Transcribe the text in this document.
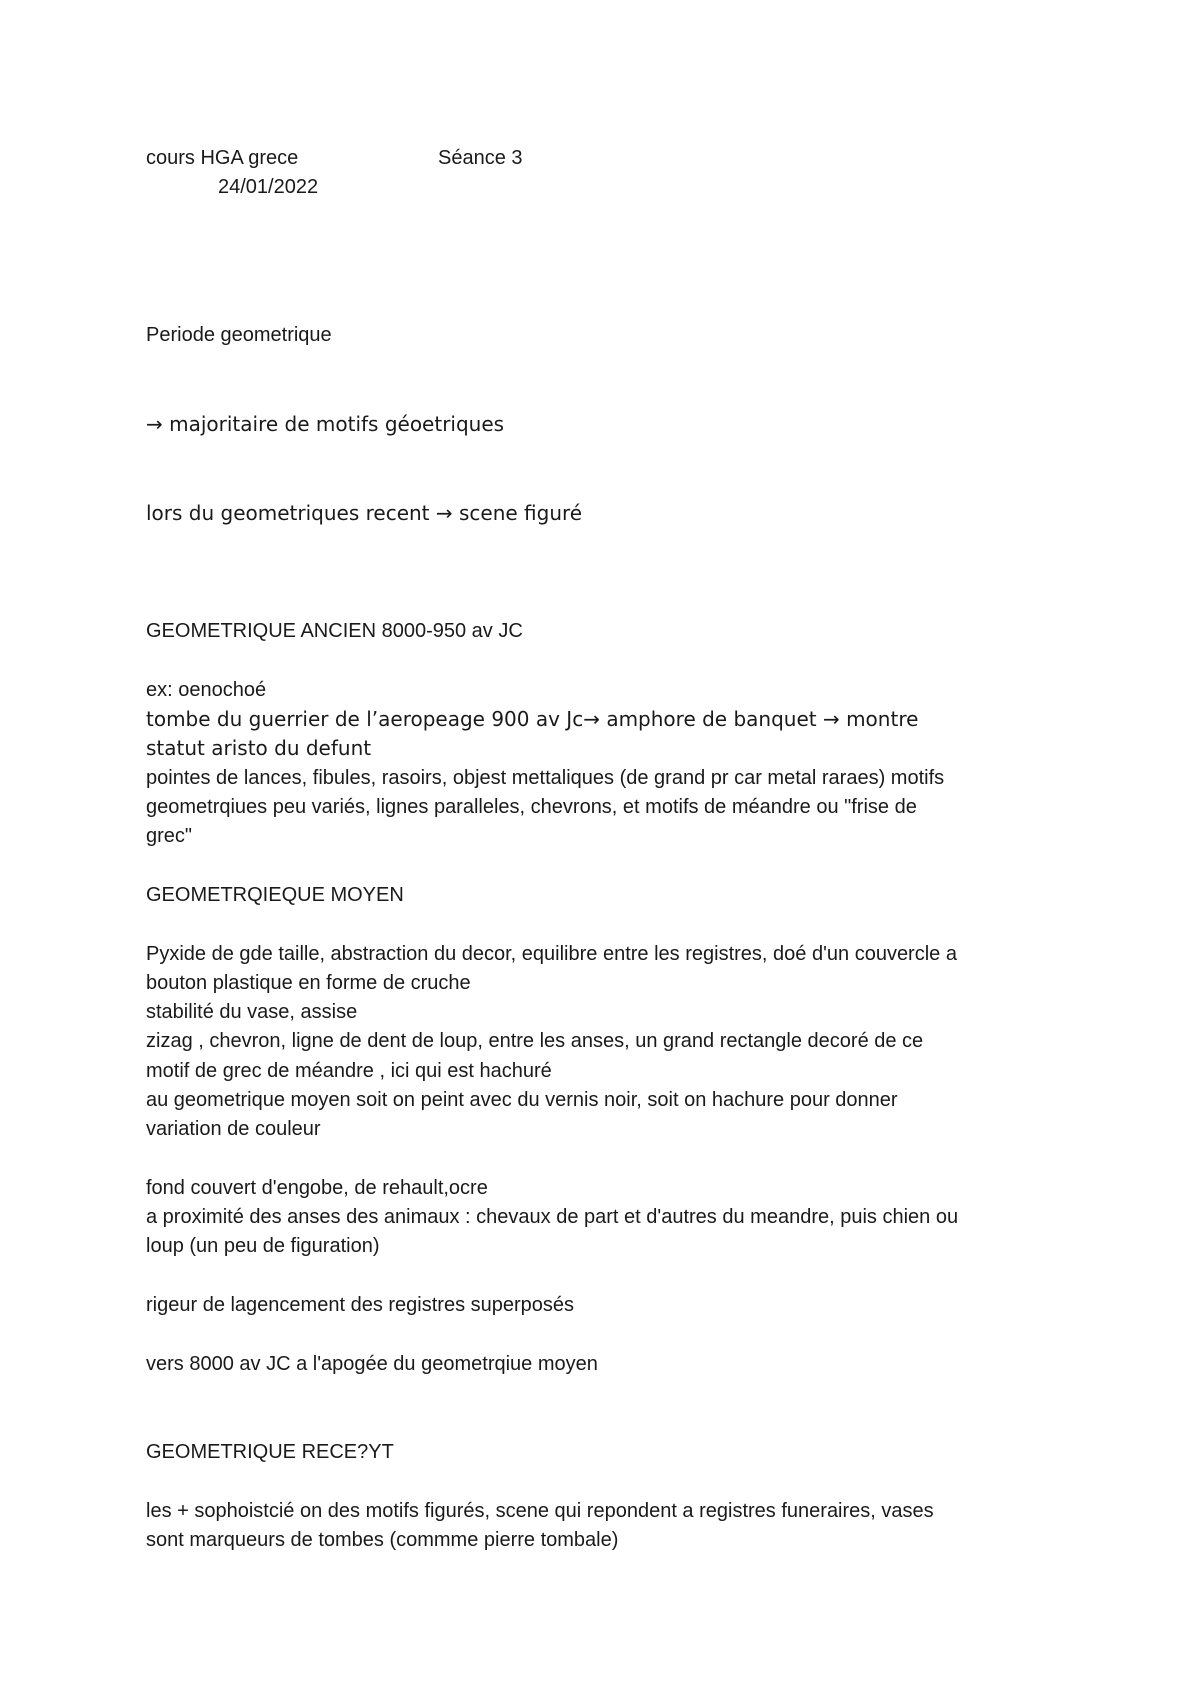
cours HGA grece	Séance 3
24/01/2022
Periode geometrique
→ majoritaire de motifs géoetriques
lors du geometriques recent → scene figuré
GEOMETRIQUE ANCIEN 8000-950 av JC
ex: oenochoé
tombe du guerrier de l’aeropeage 900 av Jc→ amphore de banquet → montre
statut aristo du defunt
pointes de lances, fibules, rasoirs, objest mettaliques (de grand pr car metal raraes) motifs
geometrqiues peu variés, lignes paralleles, chevrons, et motifs de méandre ou "frise de
grec"
GEOMETRQIEQUE MOYEN
Pyxide de gde taille, abstraction du decor, equilibre entre les registres, doé d'un couvercle a
bouton plastique en forme de cruche
stabilité du vase, assise
zizag , chevron, ligne de dent de loup, entre les anses, un grand rectangle decoré de ce
motif de grec de méandre , ici qui est hachuré
au geometrique moyen soit on peint avec du vernis noir, soit on hachure pour donner
variation de couleur
fond couvert d'engobe, de rehault,ocre
a proximité des anses des animaux : chevaux de part et d'autres du meandre, puis chien ou
loup (un peu de figuration)
rigeur de lagencement des registres superposés
vers 8000 av JC a l'apogée du geometrqiue moyen
GEOMETRIQUE RECE?YT
les + sophoistcié on des motifs figurés, scene qui repondent a registres funeraires, vases
sont marqueurs de tombes (commme pierre tombale)
